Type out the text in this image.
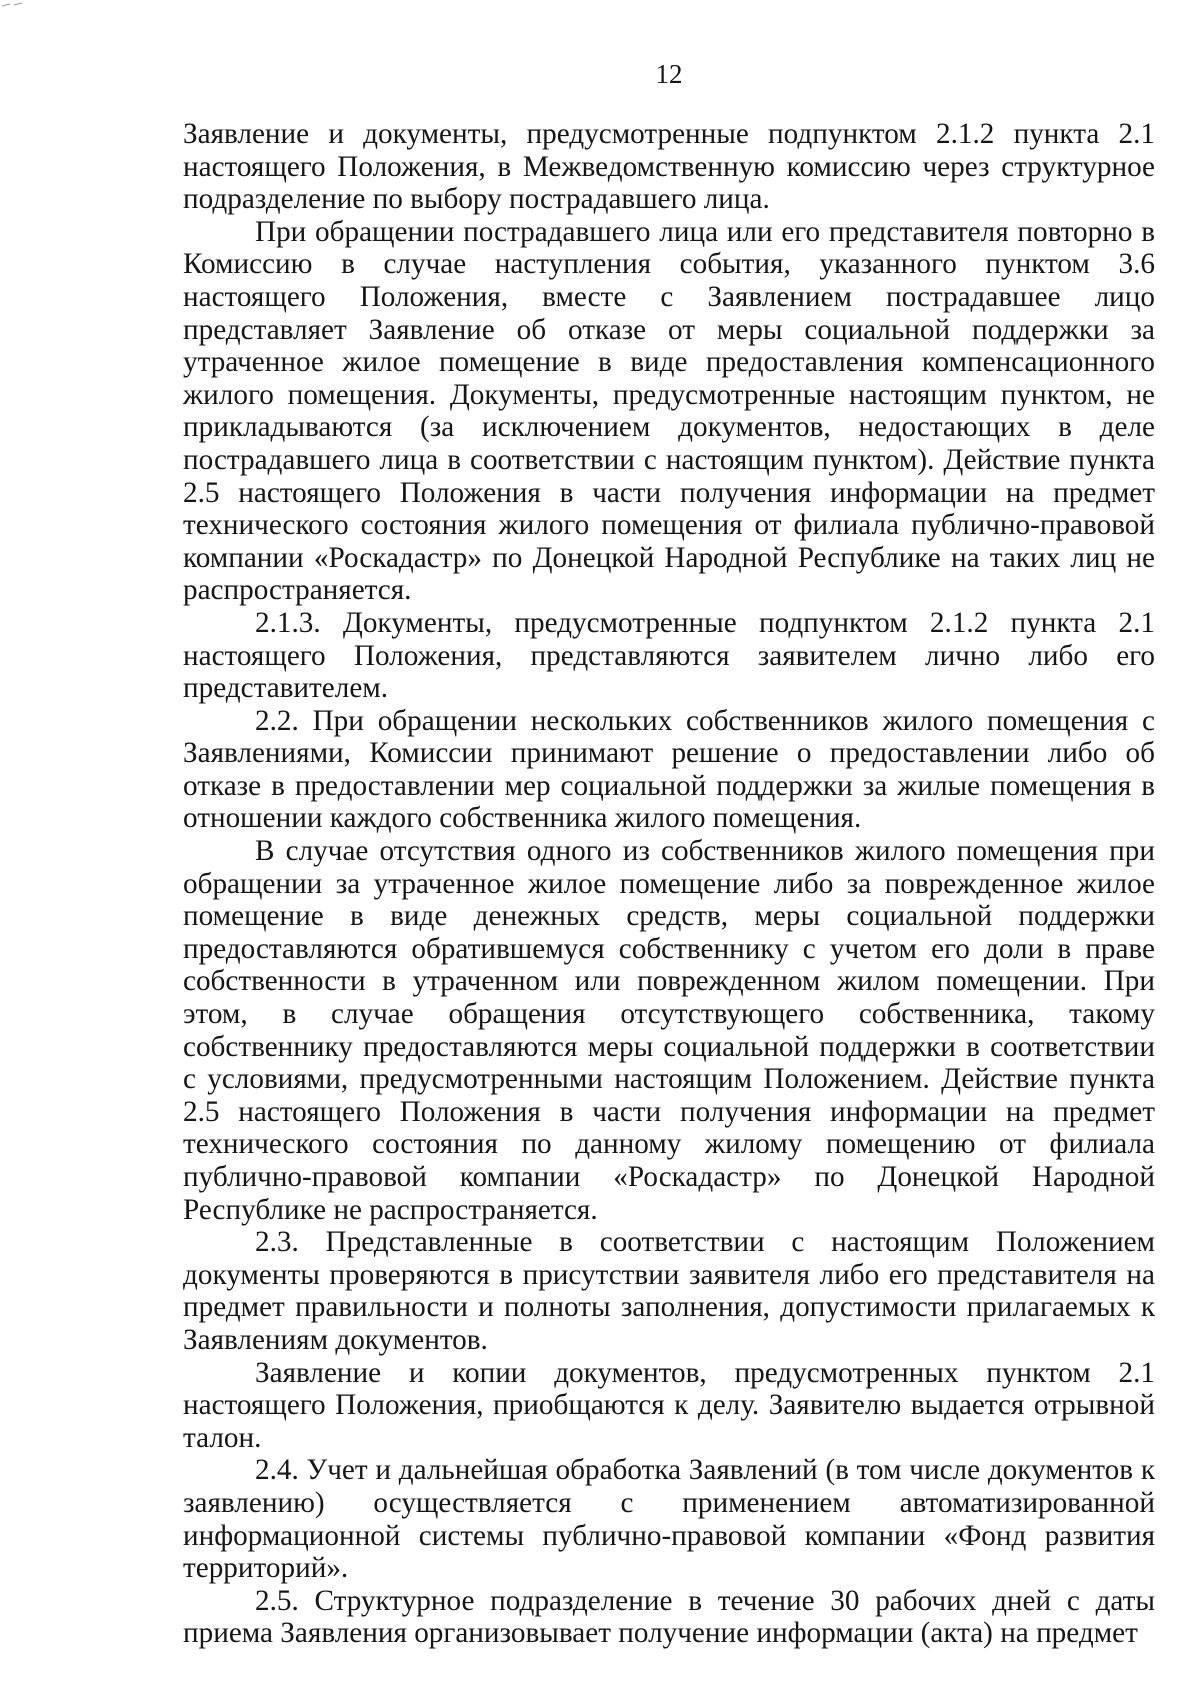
12

Заявление и документы, предусмотренные подпунктом 2.1.2 пункта 2.1 настоящего Положения, в Межведомственную комиссию через структурное подразделение по выбору пострадавшего лица.

При обращении пострадавшего лица или его представителя повторно в Комиссию в случае наступления события, указанного пунктом 3.6 настоящего Положения, вместе с Заявлением пострадавшее лицо представляет Заявление об отказе от меры социальной поддержки за утраченное жилое помещение в виде предоставления компенсационного жилого помещения. Документы, предусмотренные настоящим пунктом, не прикладываются (за исключением документов, недостающих в деле пострадавшего лица в соответствии с настоящим пунктом). Действие пункта 2.5 настоящего Положения в части получения информации на предмет технического состояния жилого помещения от филиала публично-правовой компании «Роскадастр» по Донецкой Народной Республике на таких лиц не распространяется.

2.1.3. Документы, предусмотренные подпунктом 2.1.2 пункта 2.1 настоящего Положения, представляются заявителем лично либо его представителем.

2.2. При обращении нескольких собственников жилого помещения с Заявлениями, Комиссии принимают решение о предоставлении либо об отказе в предоставлении мер социальной поддержки за жилые помещения в отношении каждого собственника жилого помещения.

В случае отсутствия одного из собственников жилого помещения при обращении за утраченное жилое помещение либо за поврежденное жилое помещение в виде денежных средств, меры социальной поддержки предоставляются обратившемуся собственнику с учетом его доли в праве собственности в утраченном или поврежденном жилом помещении. При этом, в случае обращения отсутствующего собственника, такому собственнику предоставляются меры социальной поддержки в соответствии с условиями, предусмотренными настоящим Положением. Действие пункта 2.5 настоящего Положения в части получения информации на предмет технического состояния по данному жилому помещению от филиала публично-правовой компании «Роскадастр» по Донецкой Народной Республике не распространяется.

2.3. Представленные в соответствии с настоящим Положением документы проверяются в присутствии заявителя либо его представителя на предмет правильности и полноты заполнения, допустимости прилагаемых к Заявлениям документов.

Заявление и копии документов, предусмотренных пунктом 2.1 настоящего Положения, приобщаются к делу. Заявителю выдается отрывной талон.

2.4. Учет и дальнейшая обработка Заявлений (в том числе документов к заявлению) осуществляется с применением автоматизированной информационной системы публично-правовой компании «Фонд развития территорий».

2.5. Структурное подразделение в течение 30 рабочих дней с даты приема Заявления организовывает получение информации (акта) на предмет
